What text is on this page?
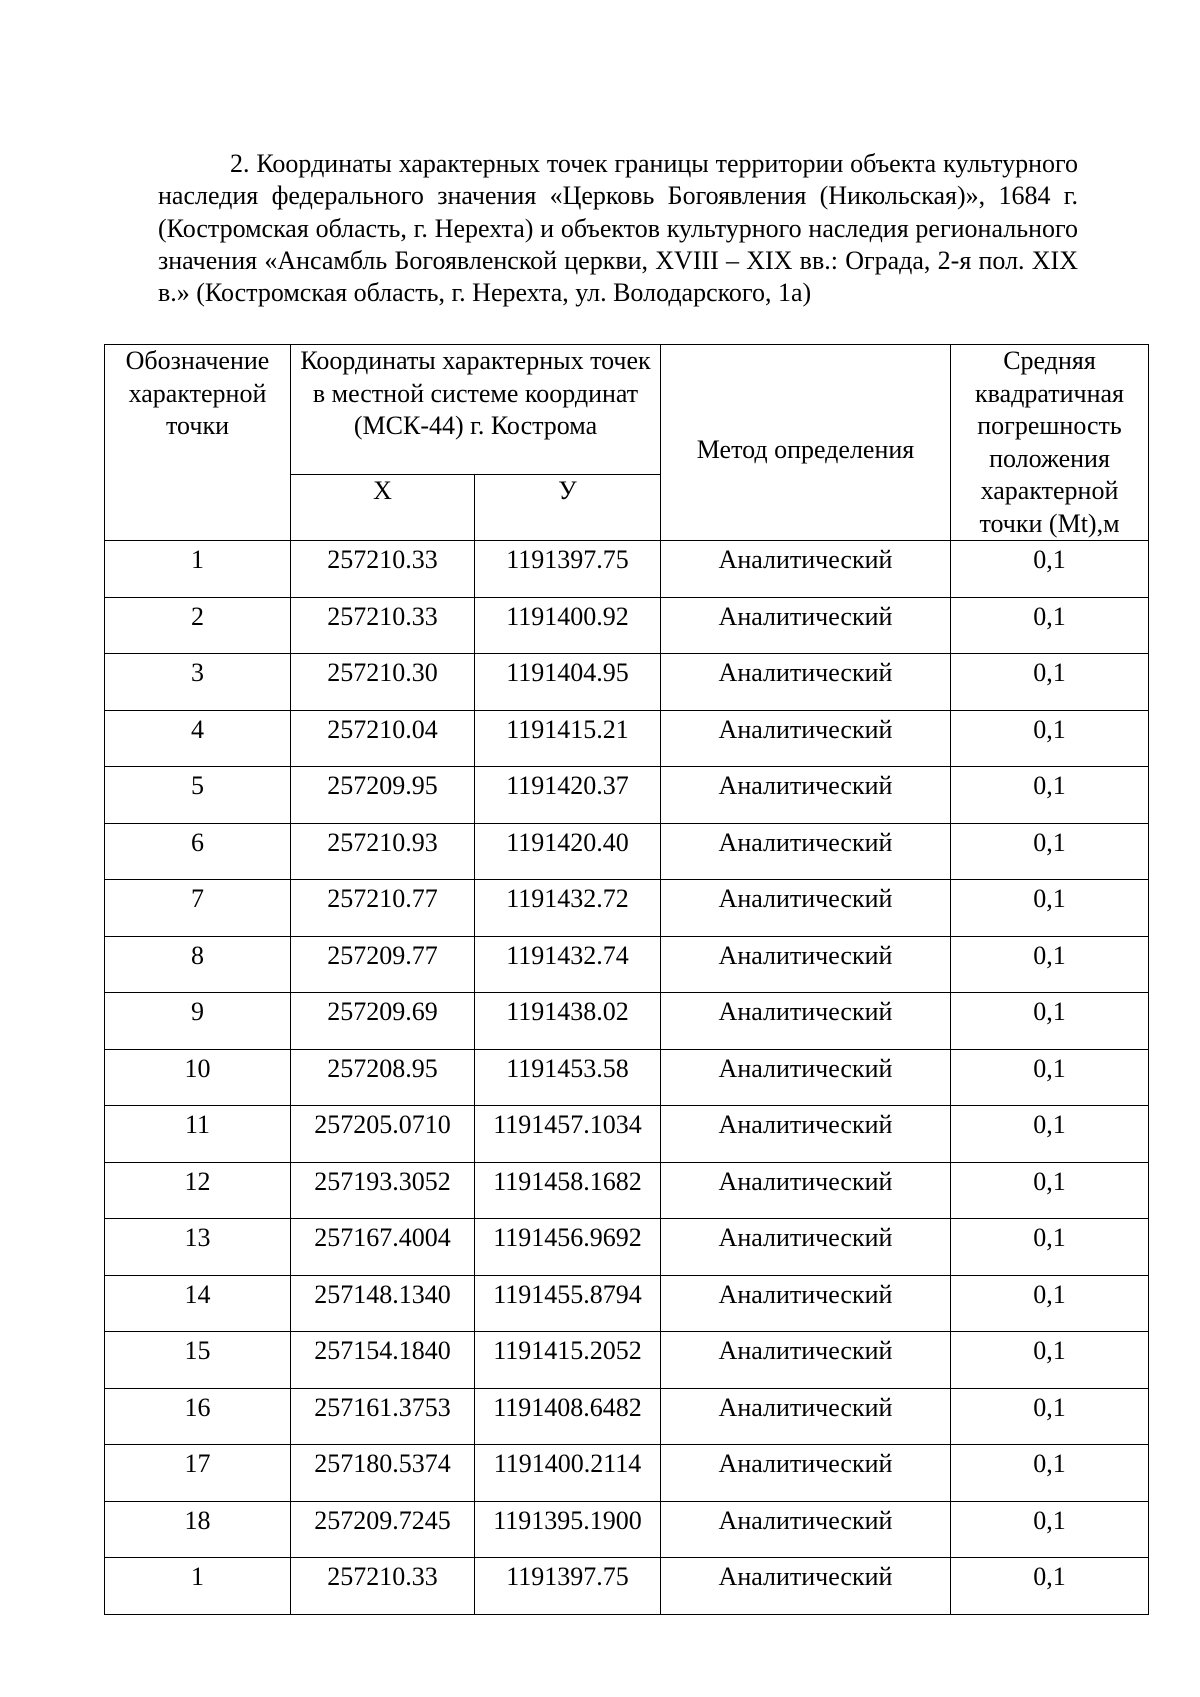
2. Координаты характерных точек границы территории объекта культурного наследия федерального значения «Церковь Богоявления (Никольская)», 1684 г. (Костромская область, г. Нерехта) и объектов культурного наследия регионального значения «Ансамбль Богоявленской церкви, XVIII – XIX вв.: Ограда, 2-я пол. XIX в.» (Костромская область, г. Нерехта, ул. Володарского, 1а)

Обозначение характерной точки	Координаты характерных точек в местной системе координат (МСК-44) г. Кострома		Метод определения	Средняя квадратичная погрешность положения характерной точки (Mt),м
	Х	У		
1	257210.33	1191397.75	Аналитический	0,1
2	257210.33	1191400.92	Аналитический	0,1
3	257210.30	1191404.95	Аналитический	0,1
4	257210.04	1191415.21	Аналитический	0,1
5	257209.95	1191420.37	Аналитический	0,1
6	257210.93	1191420.40	Аналитический	0,1
7	257210.77	1191432.72	Аналитический	0,1
8	257209.77	1191432.74	Аналитический	0,1
9	257209.69	1191438.02	Аналитический	0,1
10	257208.95	1191453.58	Аналитический	0,1
11	257205.0710	1191457.1034	Аналитический	0,1
12	257193.3052	1191458.1682	Аналитический	0,1
13	257167.4004	1191456.9692	Аналитический	0,1
14	257148.1340	1191455.8794	Аналитический	0,1
15	257154.1840	1191415.2052	Аналитический	0,1
16	257161.3753	1191408.6482	Аналитический	0,1
17	257180.5374	1191400.2114	Аналитический	0,1
18	257209.7245	1191395.1900	Аналитический	0,1
1	257210.33	1191397.75	Аналитический	0,1
